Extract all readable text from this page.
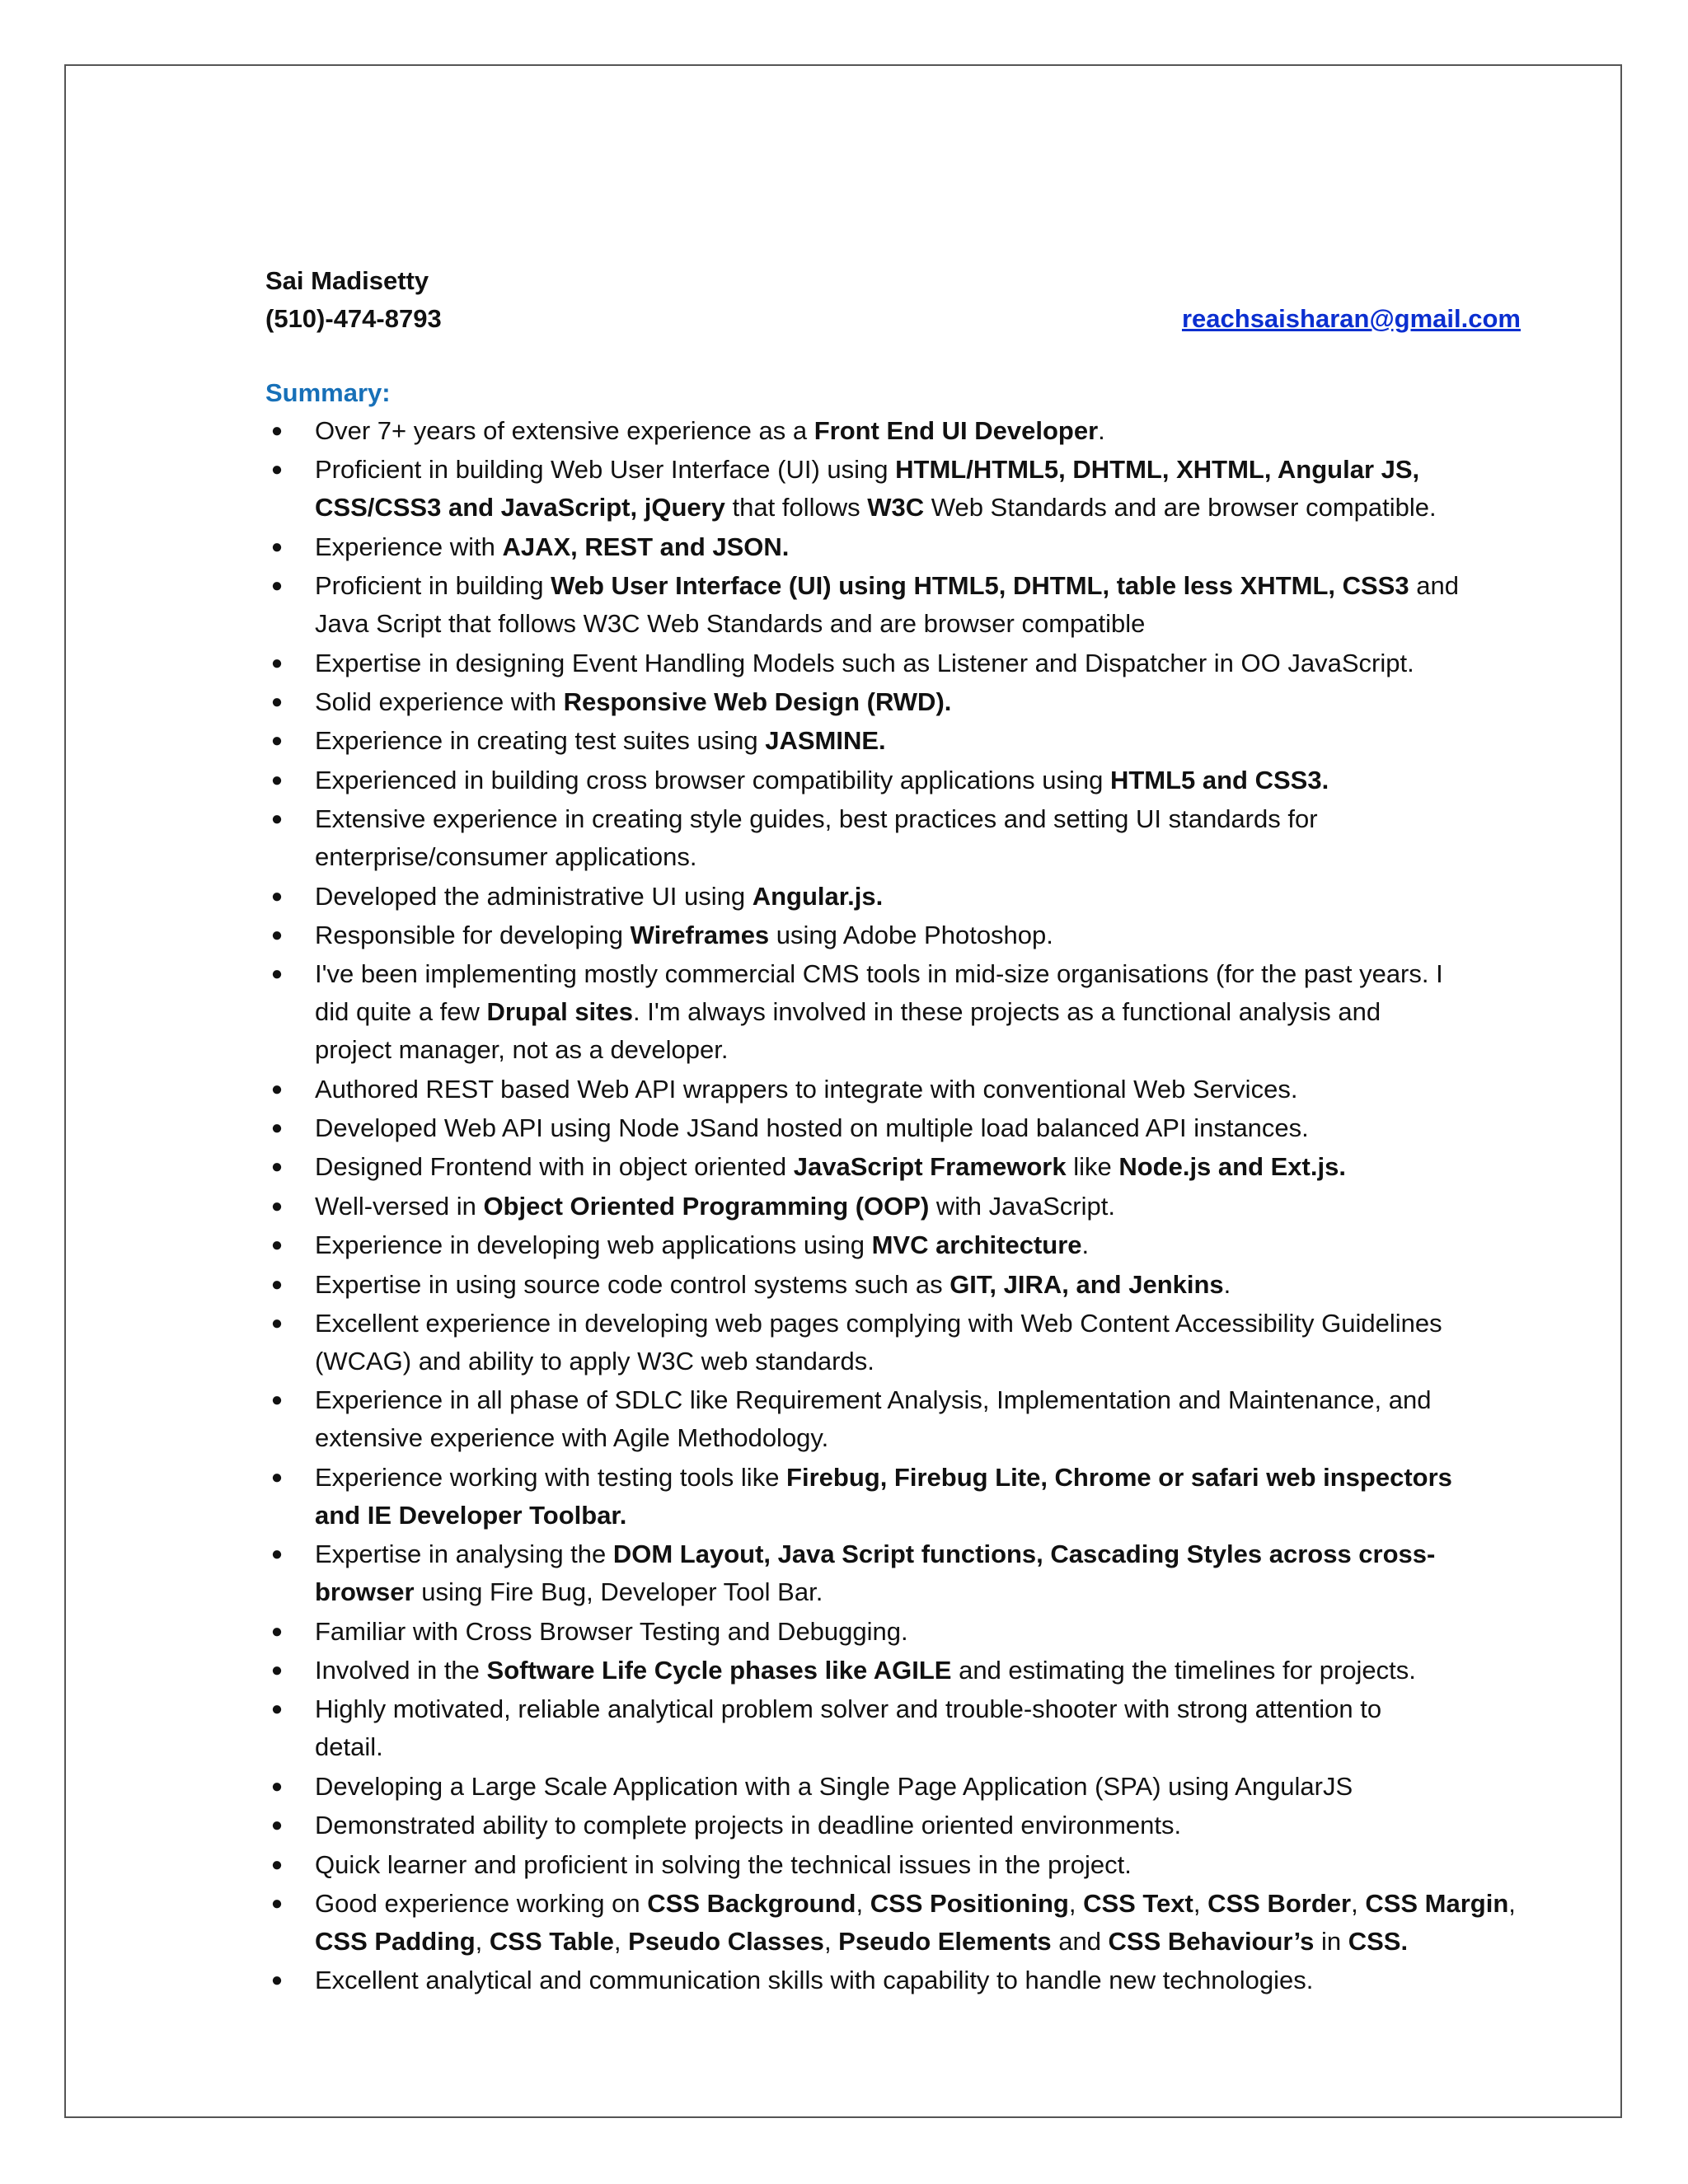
Sai Madisetty
(510)-474-8793	reachsaisharan@gmail.com
Summary:
● Over 7+ years of extensive experience as a Front End UI Developer.
● Proficient in building Web User Interface (UI) using HTML/HTML5, DHTML, XHTML, Angular JS,
CSS/CSS3 and JavaScript, jQuery that follows W3C Web Standards and are browser compatible.
● Experience with AJAX, REST and JSON.
● Proficient in building Web User Interface (UI) using HTML5, DHTML, table less XHTML, CSS3 and
Java Script that follows W3C Web Standards and are browser compatible
● Expertise in designing Event Handling Models such as Listener and Dispatcher in OO JavaScript.
● Solid experience with Responsive Web Design (RWD).
● Experience in creating test suites using JASMINE.
● Experienced in building cross browser compatibility applications using HTML5 and CSS3.
● Extensive experience in creating style guides, best practices and setting UI standards for
enterprise/consumer applications.
● Developed the administrative UI using Angular.js.
● Responsible for developing Wireframes using Adobe Photoshop.
● I've been implementing mostly commercial CMS tools in mid-size organisations (for the past years. I
did quite a few Drupal sites. I'm always involved in these projects as a functional analysis and
project manager, not as a developer.
● Authored REST based Web API wrappers to integrate with conventional Web Services.
● Developed Web API using Node JSand hosted on multiple load balanced API instances.
● Designed Frontend with in object oriented JavaScript Framework like Node.js and Ext.js.
● Well-versed in Object Oriented Programming (OOP) with JavaScript.
● Experience in developing web applications using MVC architecture.
● Expertise in using source code control systems such as GIT, JIRA, and Jenkins.
● Excellent experience in developing web pages complying with Web Content Accessibility Guidelines
(WCAG) and ability to apply W3C web standards.
● Experience in all phase of SDLC like Requirement Analysis, Implementation and Maintenance, and
extensive experience with Agile Methodology.
● Experience working with testing tools like Firebug, Firebug Lite, Chrome or safari web inspectors
and IE Developer Toolbar.
● Expertise in analysing the DOM Layout, Java Script functions, Cascading Styles across cross-
browser using Fire Bug, Developer Tool Bar.
● Familiar with Cross Browser Testing and Debugging.
● Involved in the Software Life Cycle phases like AGILE and estimating the timelines for projects.
● Highly motivated, reliable analytical problem solver and trouble-shooter with strong attention to
detail.
● Developing a Large Scale Application with a Single Page Application (SPA) using AngularJS
● Demonstrated ability to complete projects in deadline oriented environments.
● Quick learner and proficient in solving the technical issues in the project.
● Good experience working on CSS Background, CSS Positioning, CSS Text, CSS Border, CSS Margin,
CSS Padding, CSS Table, Pseudo Classes, Pseudo Elements and CSS Behaviour’s in CSS.
● Excellent analytical and communication skills with capability to handle new technologies.
